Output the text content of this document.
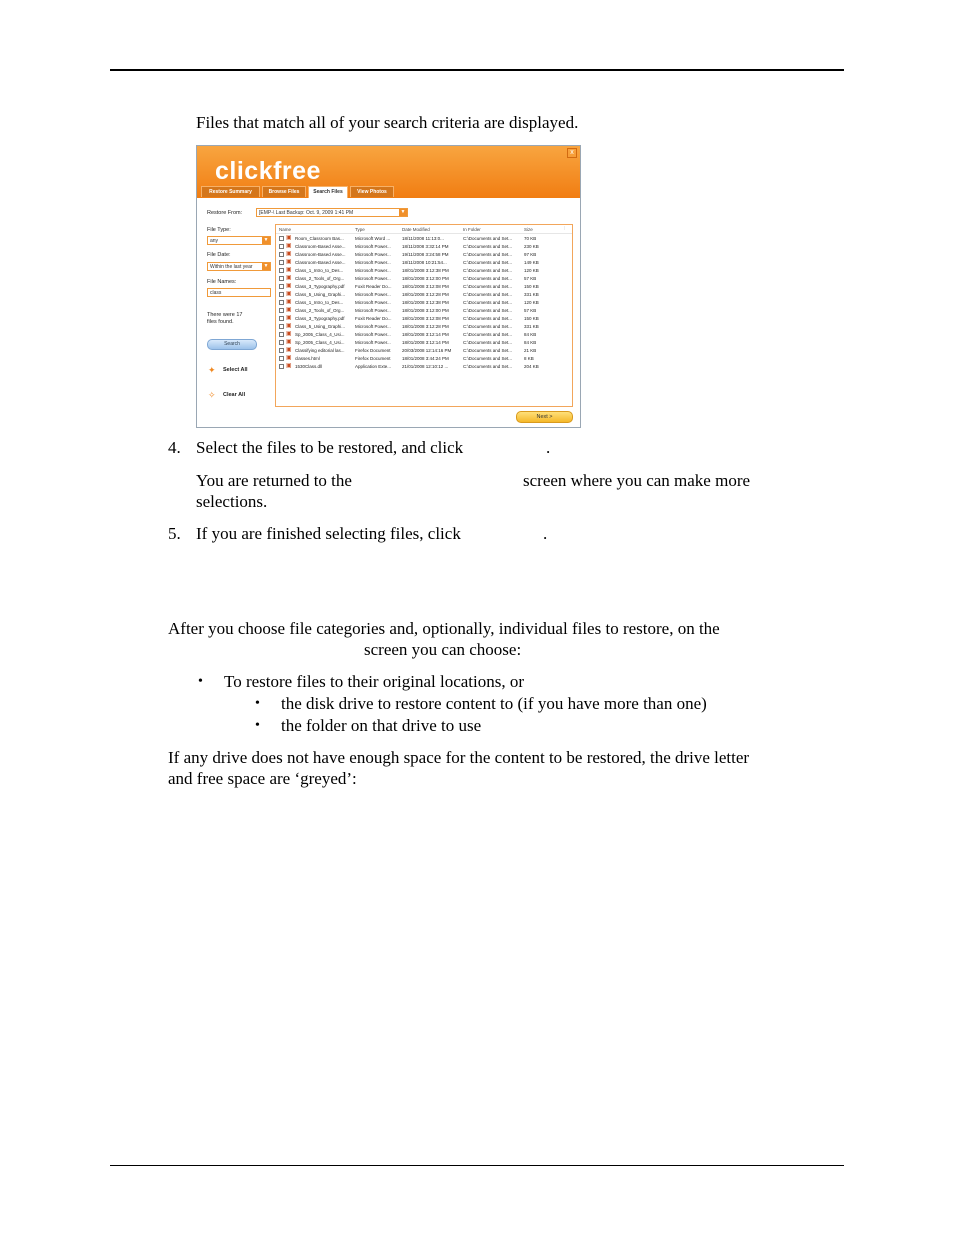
Files that match all of your search criteria are displayed.

clickfree
x
Restore Summary	Browse Files	Search Files	View Photos
Restore From:	[EMP-\ Last Backup: Oct. 9, 2009 1:41 PM	▼
File Type:
any	▼
File Date:
Within the last year	▼
File Names:
class
There were 17
files found.
Search
✦	Select All
✧	Clear All
Name	Type	Date Modified	In Folder	Size
▣ Room_Classroom Bas...	Microsoft Word ...	18/11/2008 11:13:0...	C:\Documents and Set...	70 KB
▣ Classroom-Based Asse...	Microsoft Power...	18/11/2008 3:32:14 PM	C:\Documents and Set...	230 KB
▣ Classroom-Based Asse...	Microsoft Power...	19/11/2008 3:24:58 PM	C:\Documents and Set...	97 KB
▣ Classroom-Based Asse...	Microsoft Power...	18/11/2008 10:21:54...	C:\Documents and Set...	149 KB
▣ Class_1_Intro_to_Des...	Microsoft Power...	18/01/2008 3:12:38 PM	C:\Documents and Set...	120 KB
▣ Class_2_Tools_of_Org...	Microsoft Power...	18/01/2008 3:12:00 PM	C:\Documents and Set...	57 KB
▣ Class_3_Typography.pdf	Foxit Reader Do...	18/01/2008 3:12:08 PM	C:\Documents and Set...	150 KB
▣ Class_5_Using_Graphi...	Microsoft Power...	18/01/2008 3:12:28 PM	C:\Documents and Set...	331 KB
▣ Class_1_Intro_to_Des...	Microsoft Power...	18/01/2008 3:12:38 PM	C:\Documents and Set...	120 KB
▣ Class_2_Tools_of_Org...	Microsoft Power...	18/01/2008 3:12:00 PM	C:\Documents and Set...	57 KB
▣ Class_3_Typography.pdf	Foxit Reader Do...	18/01/2008 3:12:08 PM	C:\Documents and Set...	150 KB
▣ Class_5_Using_Graphi...	Microsoft Power...	18/01/2008 3:12:28 PM	C:\Documents and Set...	331 KB
▣ Sp_2005_Class_4_Usi...	Microsoft Power...	18/01/2008 3:12:14 PM	C:\Documents and Set...	84 KB
▣ Sp_2005_Class_4_Usi...	Microsoft Power...	18/01/2008 3:12:14 PM	C:\Documents and Set...	84 KB
▣ Classifying editorial las...	Firefox Document	20/03/2008 12:14:16 PM	C:\Documents and Set...	21 KB
▣ classes.html	Firefox Document	18/01/2008 3:44:24 PM	C:\Documents and Set...	8 KB
▣ 1530Class.dll	Application Exte...	21/01/2008 12:10:12 ...	C:\Documents and Set...	204 KB
Next >
4. Select the files to be restored, and click	.

You are returned to the	screen where you can make more

selections.

5. If you are finished selecting files, click	.

After you choose file categories and, optionally, individual files to restore, on the

screen you can choose:

• To restore files to their original locations, or

• the disk drive to restore content to (if you have more than one)

• the folder on that drive to use

If any drive does not have enough space for the content to be restored, the drive letter

and free space are ‘greyed’:
